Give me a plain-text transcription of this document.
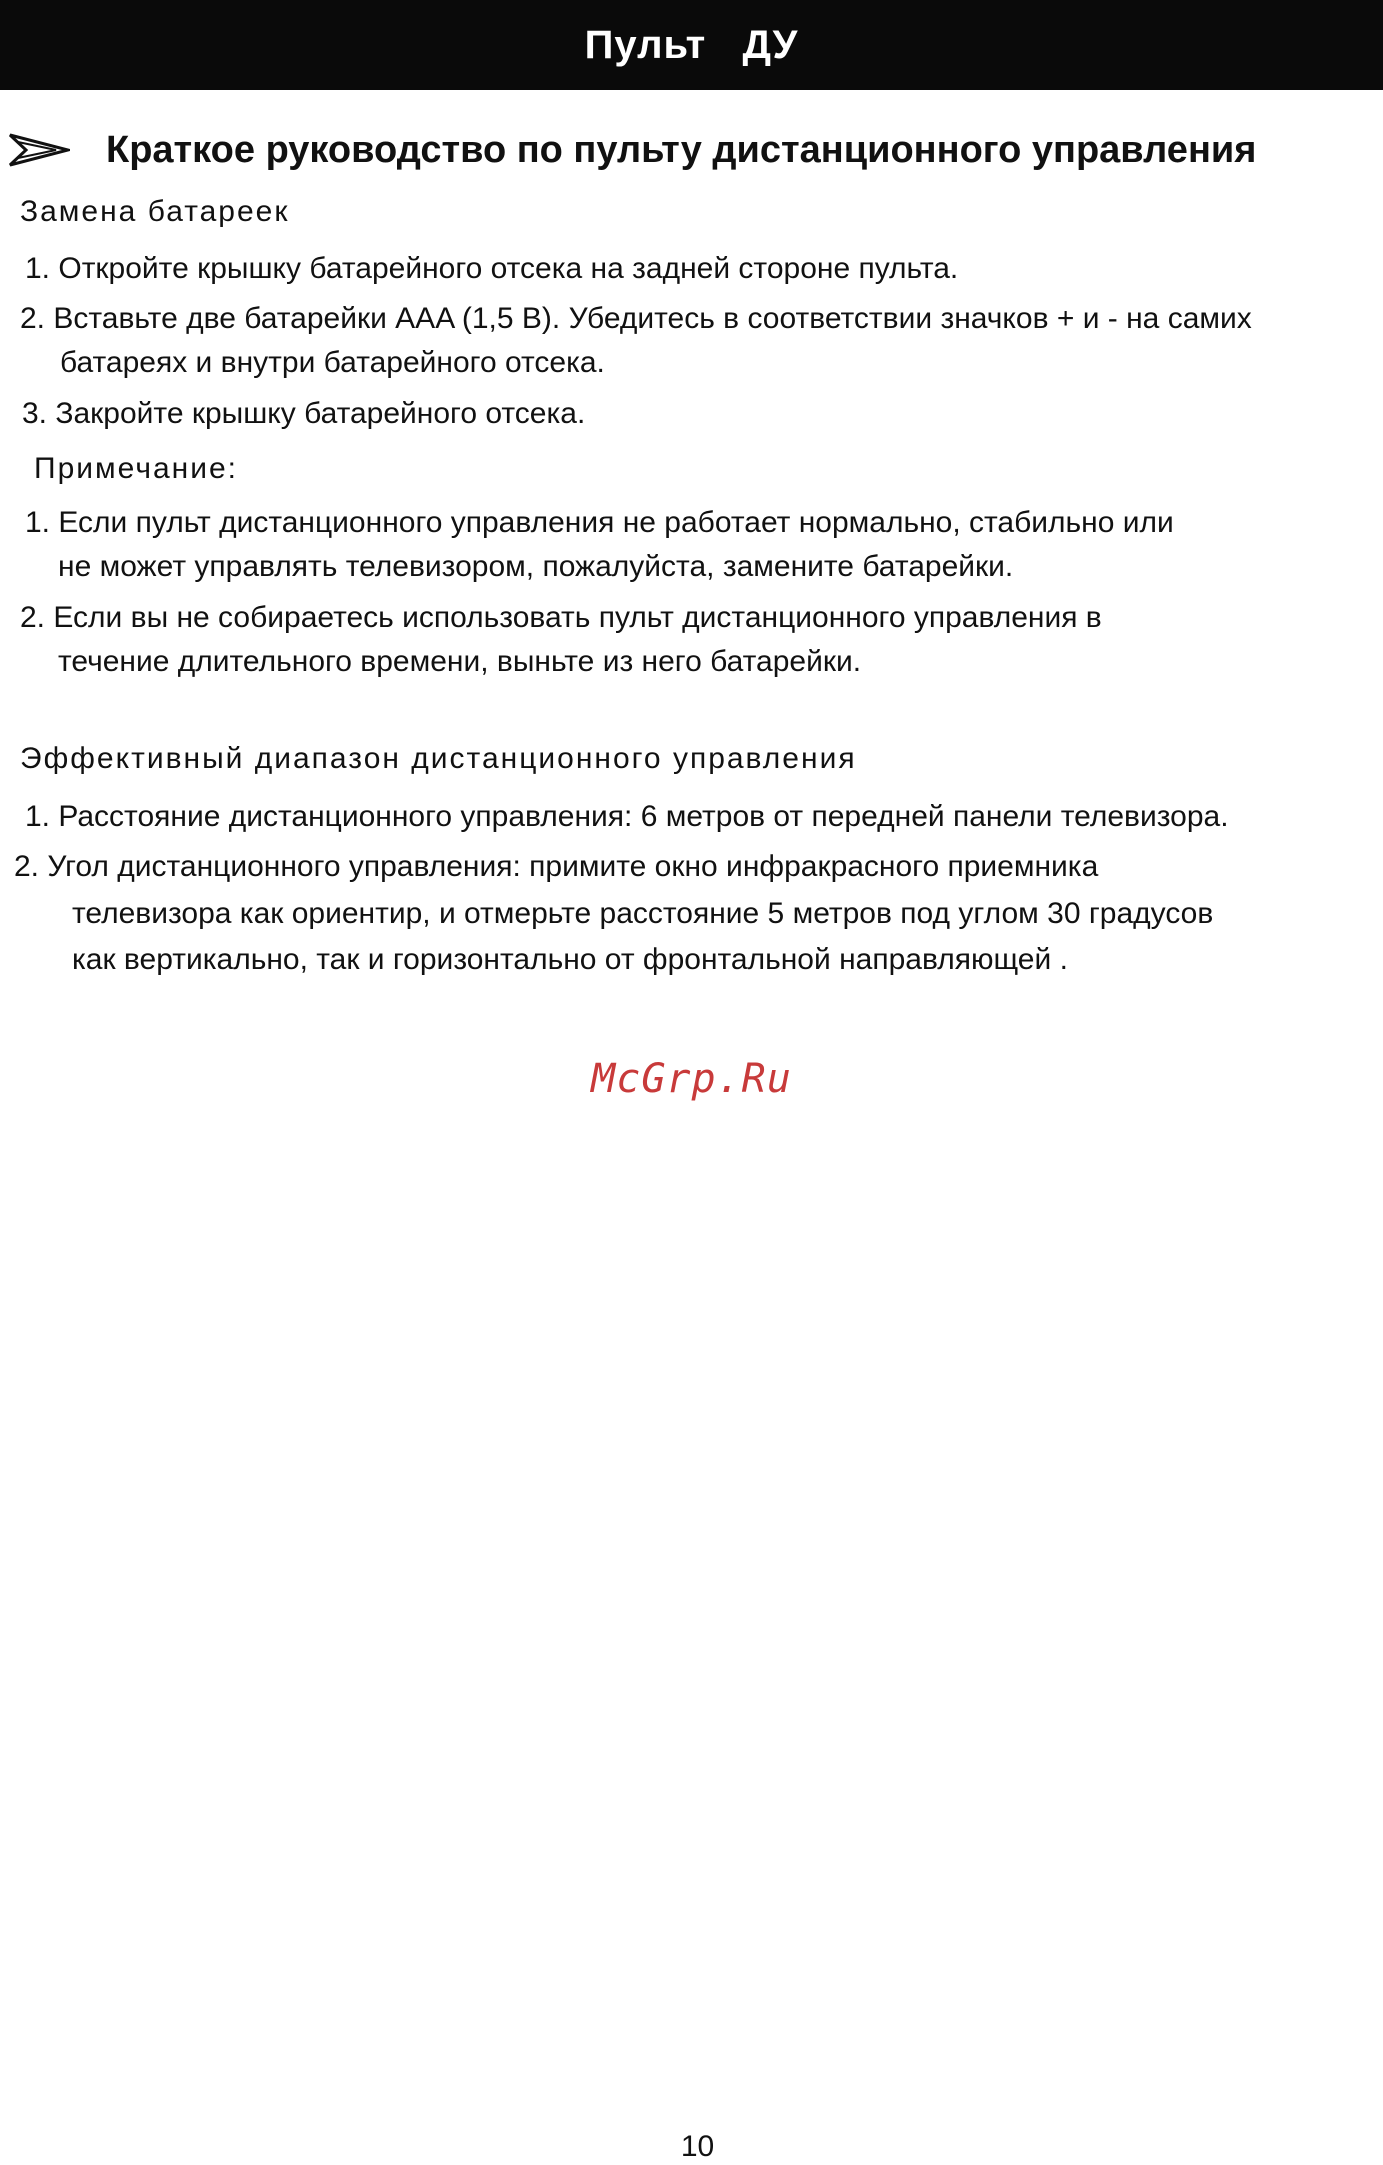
Пульт   ДУ
Краткое руководство по пульту дистанционного управления
Замена батареек
1. Откройте крышку батарейного отсека на задней стороне пульта.
2. Вставьте две батарейки AAA (1,5 В). Убедитесь в соответствии значков + и - на самих
батареях и внутри батарейного отсека.
3. Закройте крышку батарейного отсека.
Примечание:
1. Если пульт дистанционного управления не работает нормально, стабильно или
не может управлять телевизором, пожалуйста, замените батарейки.
2. Если вы не собираетесь использовать пульт дистанционного управления в
течение длительного времени, выньте из него батарейки.
Эффективный диапазон дистанционного управления
1. Расстояние дистанционного управления: 6 метров от передней панели телевизора.
2. Угол дистанционного управления: примите окно инфракрасного приемника
телевизора как ориентир, и отмерьте расстояние 5 метров под углом 30 градусов
как вертикально, так и горизонтально от фронтальной направляющей .
McGrp.Ru
10
